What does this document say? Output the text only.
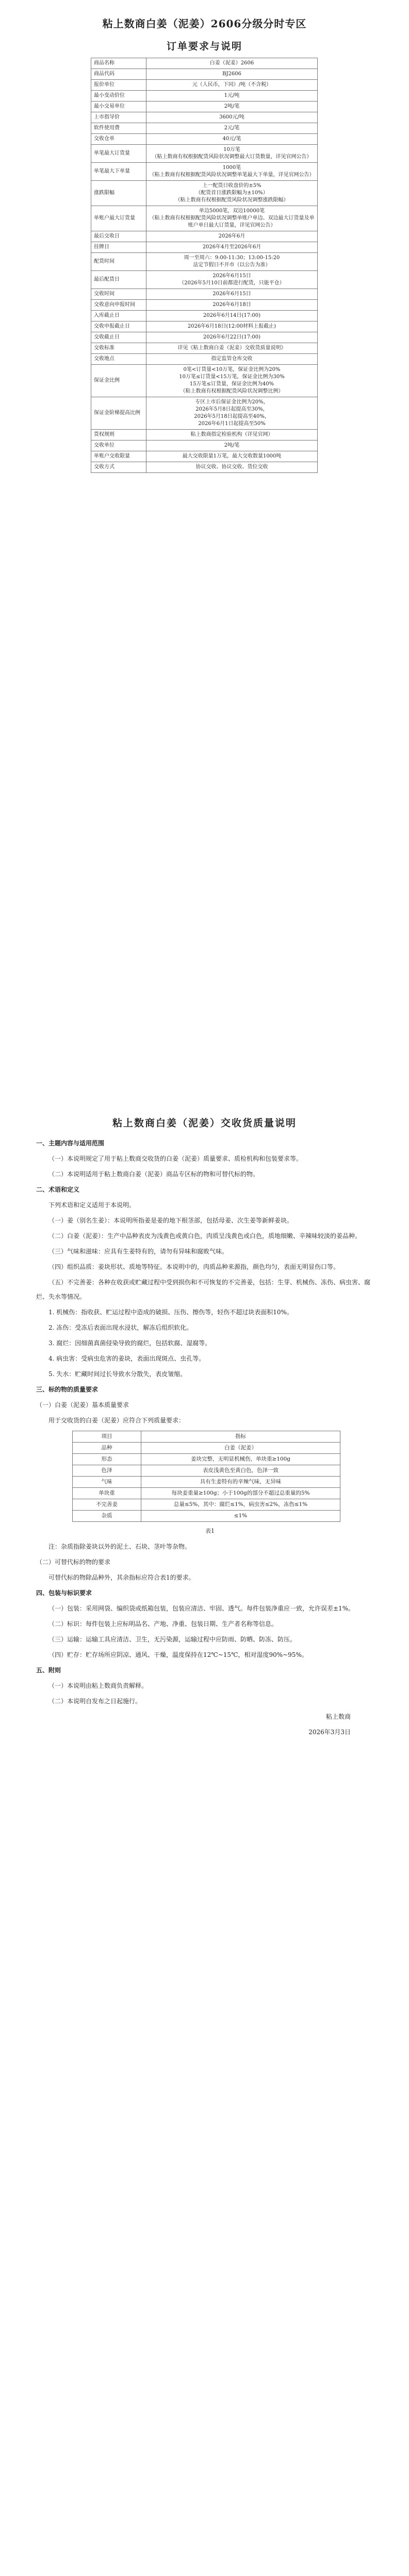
粘上数商白姜（泥姜）2606分级分时专区
订单要求与说明
商品名称	白姜（泥姜）2606
商品代码	BJ2606
报价单位	元（人民币，下同）/吨（不含税）
最小变动价位	1元/吨
最小交易单位	2吨/笔
上市指导价	3600元/吨
软件使用费	2元/笔
交收仓单	40元/笔
单笔最大订货量	10万笔
（粘上数商有权根据配货风险状况调整最大订货数量，详见官网公告）
单笔最大下单量	1000笔
（粘上数商有权根据配货风险状况调整单笔最大下单量，详见官网公告）
涨跌限幅	上一配货日收盘价的±5%
（配货首日涨跌限幅为±10%）
（粘上数商有权根据配货风险状况调整涨跌限幅）
单账户最大订货量	单边5000笔，双边10000笔
（粘上数商有权根据配货风险状况调整单账户单边、双边最大订货量及单账户单日最大订货量，详见官网公告）
最后交收日	2026年6月
挂牌日	2026年4月至2026年6月
配货时间	周一至周六：9:00-11:30；13:00-15:20
法定节假日不开市（以公告为准）
最后配货日	2026年6月15日
（2026年5月10日前都进行配货，只能平仓）
交收时间	2026年6月15日
交收意向申报时间	2026年6月18日
入库截止日	2026年6月14日(17:00)
交收申报截止日	2026年6月18日(12:00材料上报截止)
交收截止日	2026年6月22日(17:00)
交收标准	详见《粘上数商白姜（泥姜）交收货质量说明》
交收地点	指定监管仓库交收
保证金比例	0笔<订货量<10万笔，保证金比例为20%
10万笔≤订货量<15万笔，保证金比例为30%
15万笔≤订货量，保证金比例为40%
（粘上数商有权根据配货风险状况调整比例）
保证金阶梯提高比例	专区上市后保证金比例为20%，
2026年5月8日起提高至30%，
2026年5月18日起提高至40%，
2026年6月1日起提高至50%
货权规则	粘上数商指定检验机构（详见官网）
交收单位	2吨/笔
单账户交收限量	最大交收限量1万笔，最大交收数量1000吨
交收方式	协议交收、协议交收、货位交收
粘上数商白姜（泥姜）交收货质量说明

一、主题内容与适用范围

（一）本说明规定了用于粘上数商交收货的白姜（泥姜）质量要求、质检机构和包装要求等。

（二）本说明适用于粘上数商白姜（泥姜）商品专区标的物和可替代标的物。

二、术语和定义

下列术语和定义适用于本说明。

（一）姜（别名生姜）：本说明所指姜是姜的地下根茎部，包括母姜、次生姜等新鲜姜块。

（二）白姜（泥姜）：生产中品种表皮为浅黄色或黄白色，肉质呈浅黄色或白色，质地细嫩、辛辣味较淡的姜品种。

（三）气味和滋味：应具有生姜特有的，请勿有异味和腐败气味。

（四）组织品质：姜块形状、质地等特征。本说明中的，肉质品种来源指，颜色均匀，表面无明显伤口等。

（五）不完善姜：各种在收获或贮藏过程中受到损伤和不可恢复的不完善姜，包括：生芽、机械伤、冻伤、病虫害、腐烂、失水等情况。

1. 机械伤：指收获、贮运过程中造成的破损、压伤、擦伤等，轻伤不超过块表面积10%。

2. 冻伤：受冻后表面出现水浸状，解冻后组织软化。

3. 腐烂：因细菌真菌侵染导致的腐烂，包括软腐、湿腐等。

4. 病虫害：受病虫危害的姜块，表面出现斑点、虫孔等。

5. 失水：贮藏时间过长导致水分散失，表皮皱缩。

三、标的物的质量要求

（一）白姜（泥姜）基本质量要求

用于交收货的白姜（泥姜）应符合下列质量要求：

项目	指标
品种	白姜（泥姜）
形态	姜块完整，无明显机械伤，单块重≥100g
色泽	表皮浅黄色至黄白色，色泽一致
气味	具有生姜特有的辛辣气味，无异味
单块重	每块姜重量≥100g；小于100g的部分不超过总重量的5%
不完善姜	总量≤5%，其中：腐烂≤1%，病虫害≤2%，冻伤≤1%
杂质	≤1%

表1

注：杂质指除姜块以外的泥土、石块、茎叶等杂物。

（二）可替代标的物的要求

可替代标的物除品种外，其余指标应符合表1的要求。

四、包装与标识要求

（一）包装：采用网袋、编织袋或纸箱包装，包装应清洁、牢固、透气。每件包装净重应一致，允许误差±1%。

（二）标识：每件包装上应标明品名、产地、净重、包装日期、生产者名称等信息。

（三）运输：运输工具应清洁、卫生，无污染源，运输过程中应防雨、防晒、防冻、防压。

（四）贮存：贮存场所应阴凉、通风、干燥，温度保持在12℃~15℃，相对湿度90%~95%。

五、附则

（一）本说明由粘上数商负责解释。

（二）本说明自发布之日起施行。

粘上数商

2026年3月3日
